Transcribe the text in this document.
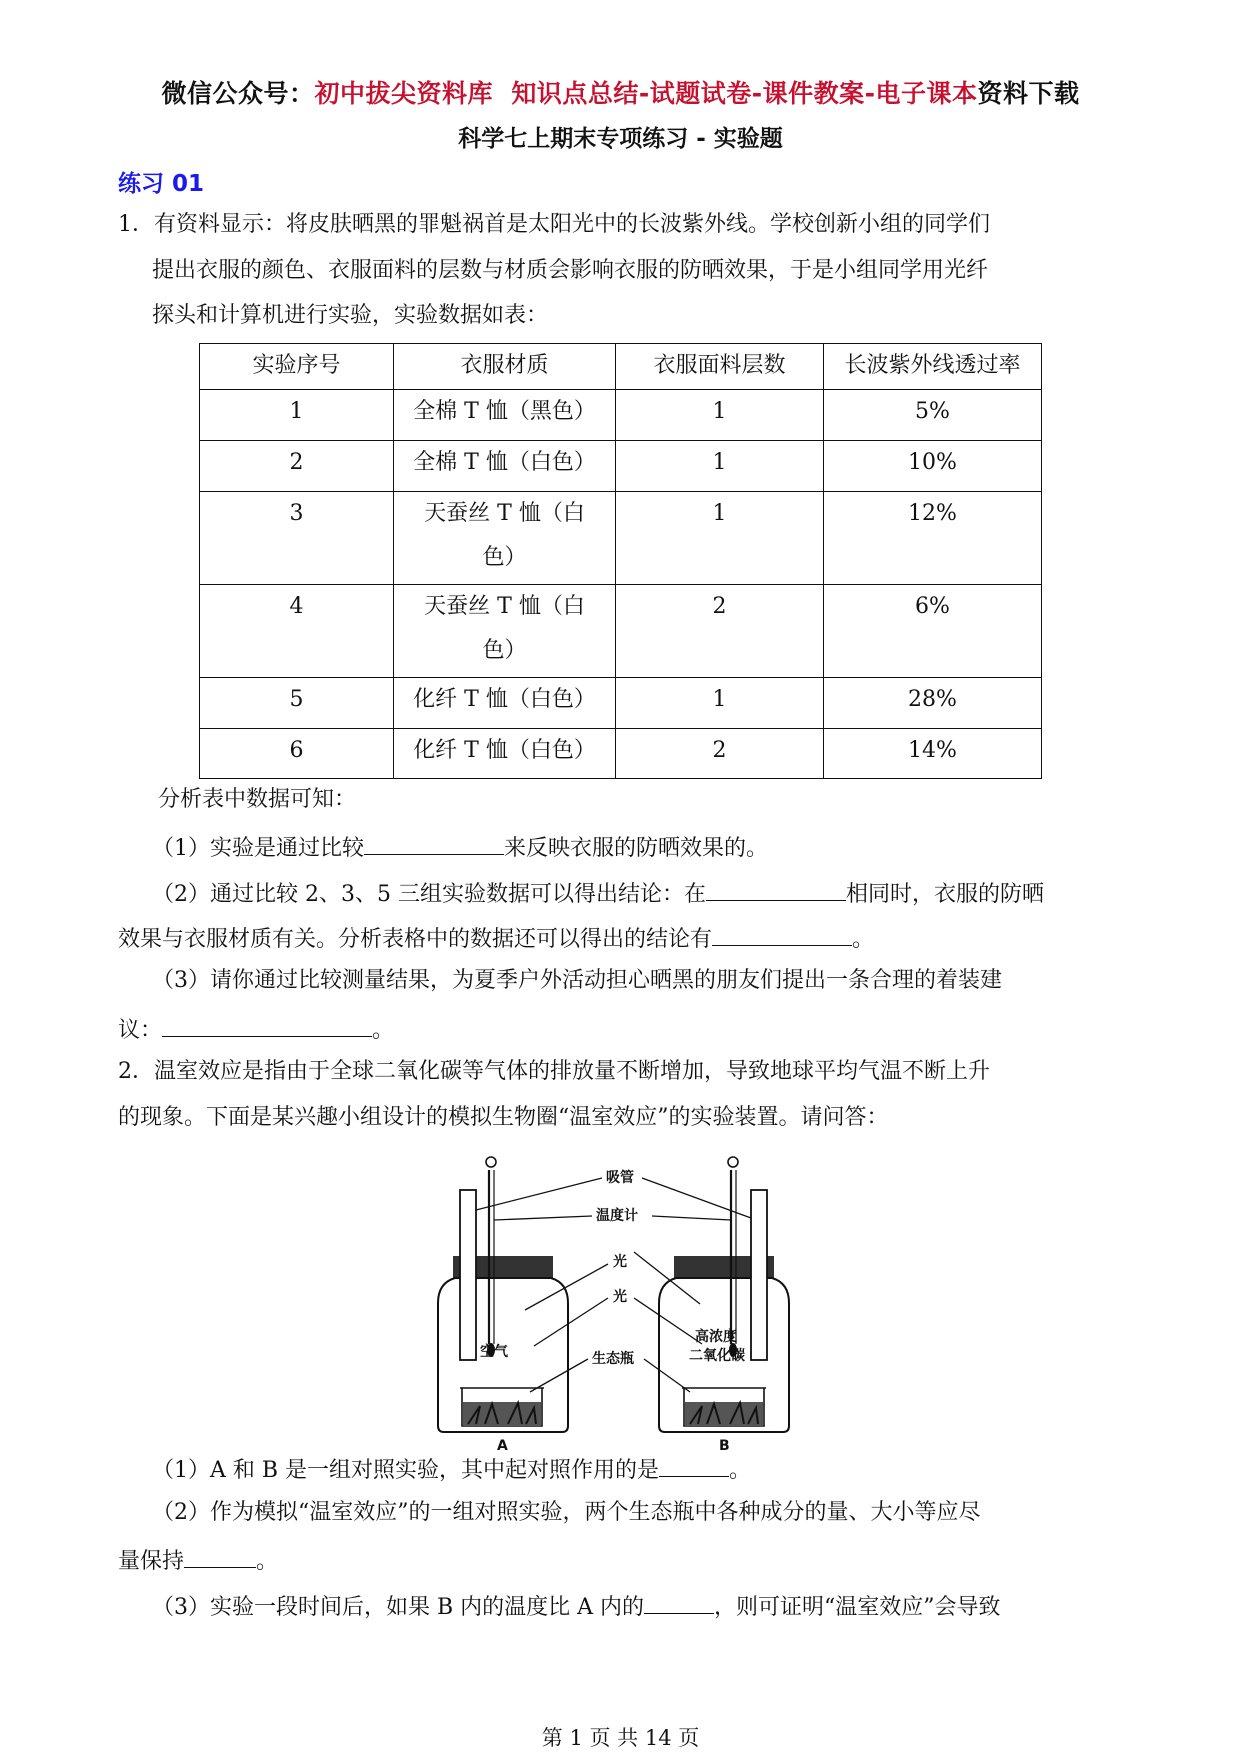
微信公众号：初中拔尖资料库 知识点总结-试题试卷-课件教案-电子课本资料下载
科学七上期末专项练习 - 实验题
练习 01
1．有资料显示：将皮肤晒黑的罪魁祸首是太阳光中的长波紫外线。学校创新小组的同学们
提出衣服的颜色、衣服面料的层数与材质会影响衣服的防晒效果，于是小组同学用光纤
探头和计算机进行实验，实验数据如表：
实验序号	衣服材质	衣服面料层数	长波紫外线透过率
1	全棉 T 恤（黑色）	1	5%
2	全棉 T 恤（白色）	1	10%
3	天蚕丝 T 恤（白
色）	1	12%
4	天蚕丝 T 恤（白
色）	2	6%
5	化纤 T 恤（白色）	1	28%
6	化纤 T 恤（白色）	2	14%
分析表中数据可知：
（1）实验是通过比较	来反映衣服的防晒效果的。
（2）通过比较 2、3、5 三组实验数据可以得出结论：在	相同时，衣服的防晒
效果与衣服材质有关。分析表格中的数据还可以得出的结论有	。
（3）请你通过比较测量结果，为夏季户外活动担心晒黑的朋友们提出一条合理的着装建
议：	。
2．温室效应是指由于全球二氧化碳等气体的排放量不断增加，导致地球平均气温不断上升
的现象。下面是某兴趣小组设计的模拟生物圈“温室效应”的实验装置。请问答：
空气
A
高浓度
二氧化碳
B
吸管
温度计
光
光
生态瓶
（1）A 和 B 是一组对照实验，其中起对照作用的是	。
（2）作为模拟“温室效应”的一组对照实验，两个生态瓶中各种成分的量、大小等应尽
量保持	。
（3）实验一段时间后，如果 B 内的温度比 A 内的	，则可证明“温室效应”会导致
第 1 页 共 14 页
